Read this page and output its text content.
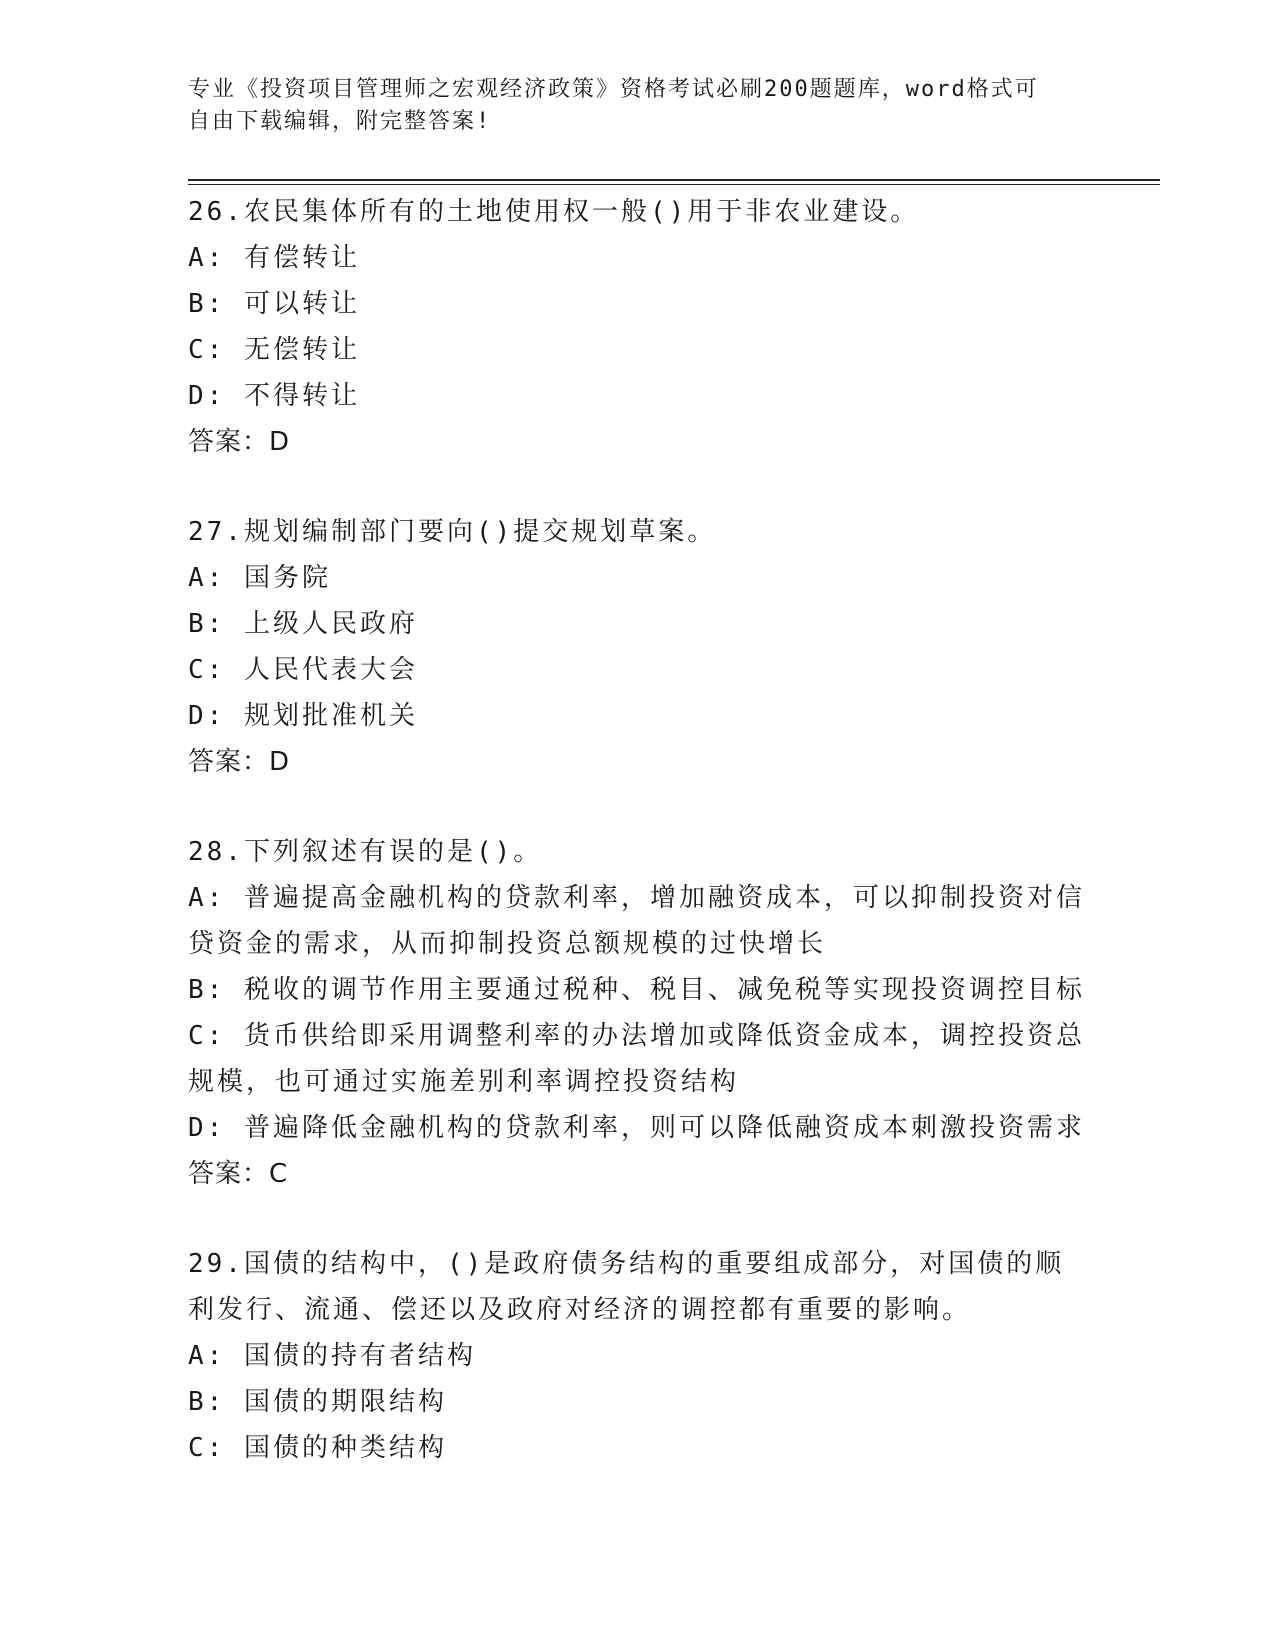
专业《投资项目管理师之宏观经济政策》资格考试必刷200题题库，word格式可
自由下载编辑，附完整答案!
26.农民集体所有的土地使用权一般()用于非农业建设。
A: 有偿转让
B: 可以转让
C: 无偿转让
D: 不得转让
答案：D
27.规划编制部门要向()提交规划草案。
A: 国务院
B: 上级人民政府
C: 人民代表大会
D: 规划批准机关
答案：D
28.下列叙述有误的是()。
A: 普遍提高金融机构的贷款利率，增加融资成本，可以抑制投资对信贷资金的需求，从而抑制投资总额规模的过快增长
B: 税收的调节作用主要通过税种、税目、减免税等实现投资调控目标
C: 货币供给即采用调整利率的办法增加或降低资金成本，调控投资总规模，也可通过实施差别利率调控投资结构
D: 普遍降低金融机构的贷款利率，则可以降低融资成本刺激投资需求
答案：C
29.国债的结构中，()是政府债务结构的重要组成部分，对国债的顺利发行、流通、偿还以及政府对经济的调控都有重要的影响。
A: 国债的持有者结构
B: 国债的期限结构
C: 国债的种类结构
